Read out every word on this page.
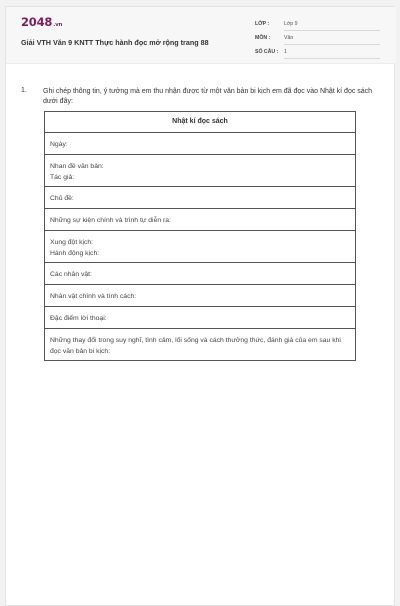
2048.vn
Giải VTH Văn 9 KNTT Thực hành đọc mở rộng trang 88
LỚP :	Lớp 9
MÔN :	Văn
SỐ CÂU : 1
1. Ghi chép thông tin, ý tưởng mà em thu nhận được từ một văn bản bi kịch em đã đọc vào Nhật kí đọc sách dưới đây:
Nhật kí đọc sách
Ngày:
Nhan đề văn bản:
Tác giả:
Chủ đề:
Những sự kiện chính và trình tự diễn ra:
Xung đột kịch:
Hành động kịch:
Các nhân vật:
Nhân vật chính và tính cách:
Đặc điểm lời thoại:
Những thay đổi trong suy nghĩ, tình cảm, lối sống và cách thưởng thức, đánh giá của em sau khi đọc văn bản bi kịch:
